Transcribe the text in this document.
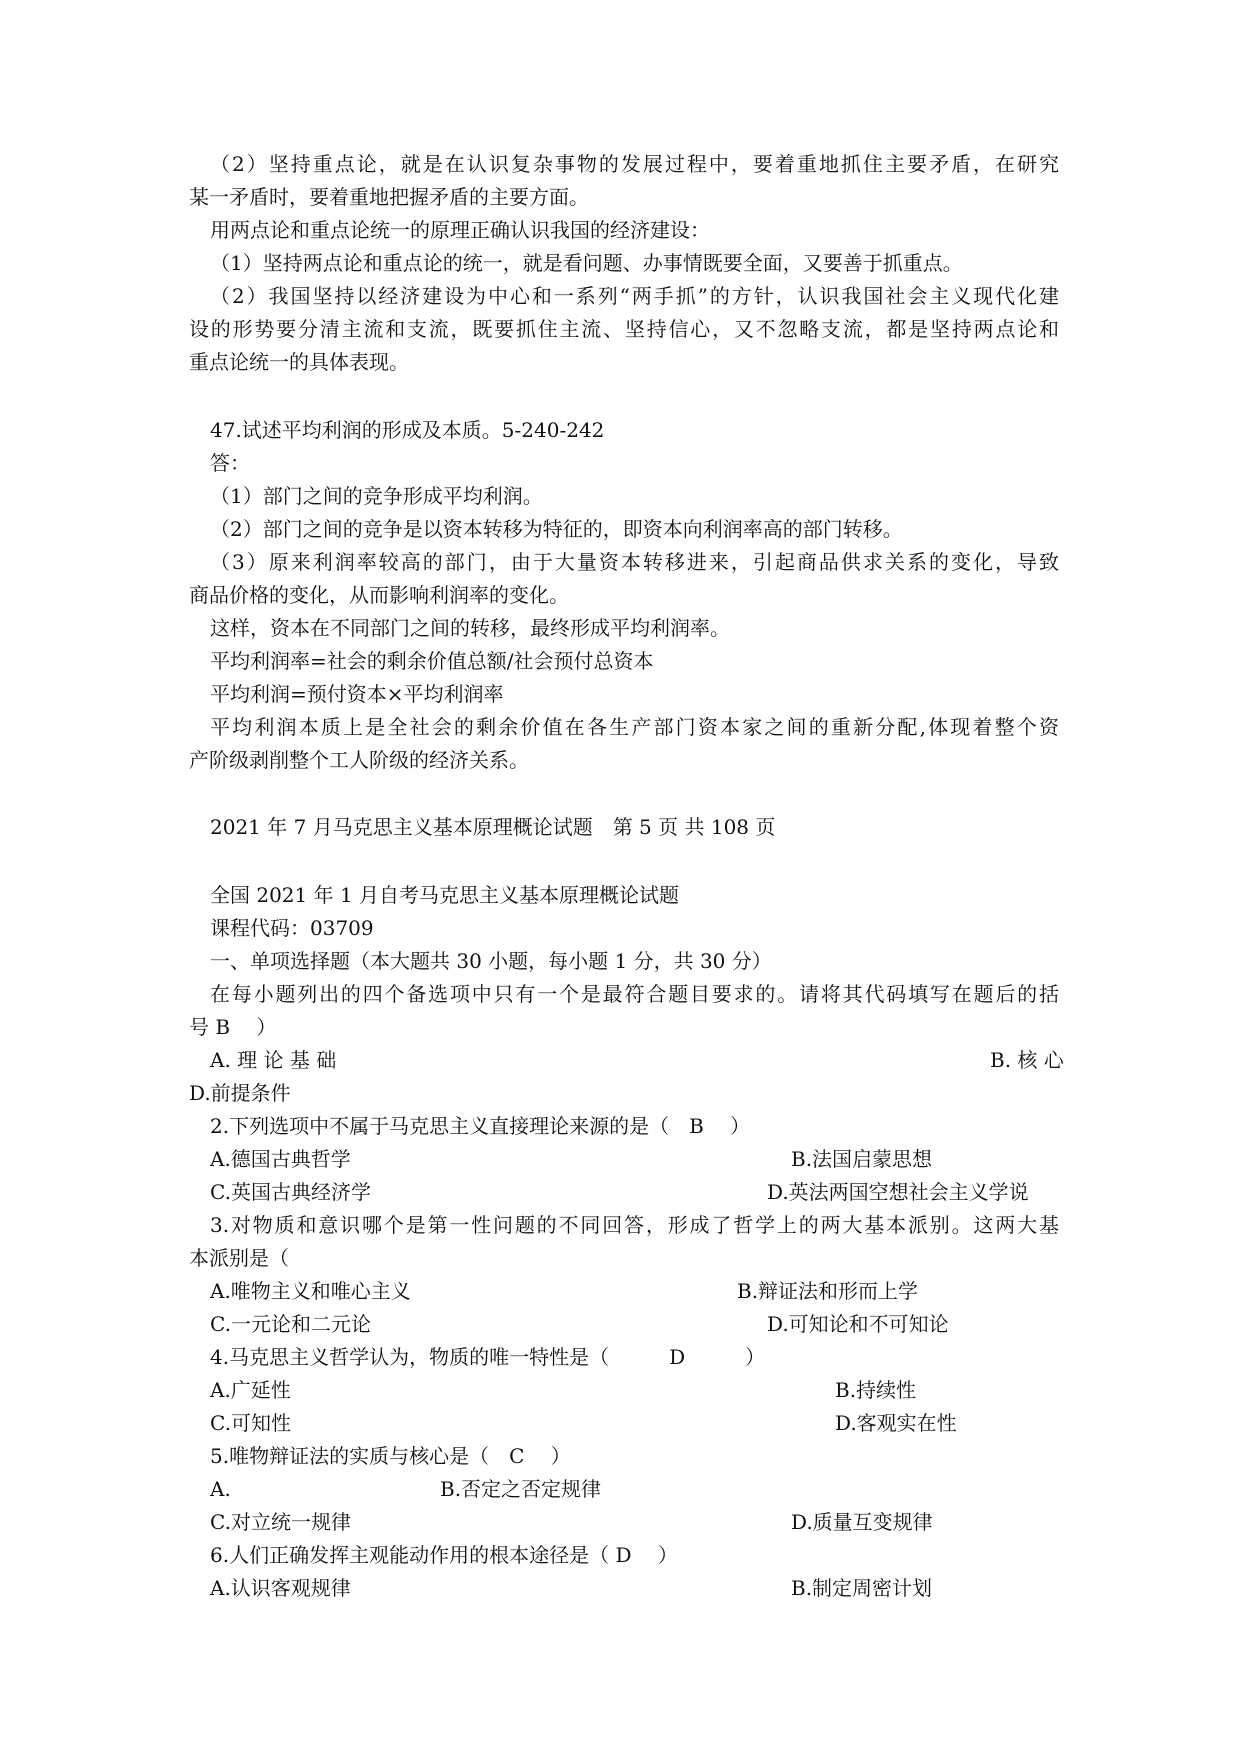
（2）坚持重点论，就是在认识复杂事物的发展过程中，要着重地抓住主要矛盾，在研究
某一矛盾时，要着重地把握矛盾的主要方面。
用两点论和重点论统一的原理正确认识我国的经济建设：
（1）坚持两点论和重点论的统一，就是看问题、办事情既要全面，又要善于抓重点。
（2）我国坚持以经济建设为中心和一系列“两手抓”的方针，认识我国社会主义现代化建
设的形势要分清主流和支流，既要抓住主流、坚持信心，又不忽略支流，都是坚持两点论和
重点论统一的具体表现。
47.试述平均利润的形成及本质。5-240-242
答：
（1）部门之间的竞争形成平均利润。
（2）部门之间的竞争是以资本转移为特征的，即资本向利润率高的部门转移。
（3）原来利润率较高的部门，由于大量资本转移进来，引起商品供求关系的变化，导致
商品价格的变化，从而影响利润率的变化。
这样，资本在不同部门之间的转移，最终形成平均利润率。
平均利润率=社会的剩余价值总额/社会预付总资本
平均利润=预付资本×平均利润率
平均利润本质上是全社会的剩余价值在各生产部门资本家之间的重新分配,体现着整个资
产阶级剥削整个工人阶级的经济关系。
2021 年 7 月马克思主义基本原理概论试题　第 5 页 共 108 页
全国 2021 年 1 月自考马克思主义基本原理概论试题
课程代码：03709
一、单项选择题（本大题共 30 小题，每小题 1 分，共 30 分）
在每小题列出的四个备选项中只有一个是最符合题目要求的。请将其代码填写在题后的括
号 B　 ）
A. 理 论 基 础	B. 核 心
D.前提条件
2.下列选项中不属于马克思主义直接理论来源的是（　B　 ）
A.德国古典哲学	B.法国启蒙思想
C.英国古典经济学	D.英法两国空想社会主义学说
3.对物质和意识哪个是第一性问题的不同回答，形成了哲学上的两大基本派别。这两大基
本派别是（
A.唯物主义和唯心主义	B.辩证法和形而上学
C.一元论和二元论	D.可知论和不可知论
4.马克思主义哲学认为，物质的唯一特性是（　　　D　　　）
A.广延性	B.持续性
C.可知性	D.客观实在性
5.唯物辩证法的实质与核心是（　C　 ）
A.	B.否定之否定规律
C.对立统一规律	D.质量互变规律
6.人们正确发挥主观能动作用的根本途径是（ D　 ）
A.认识客观规律	B.制定周密计划
